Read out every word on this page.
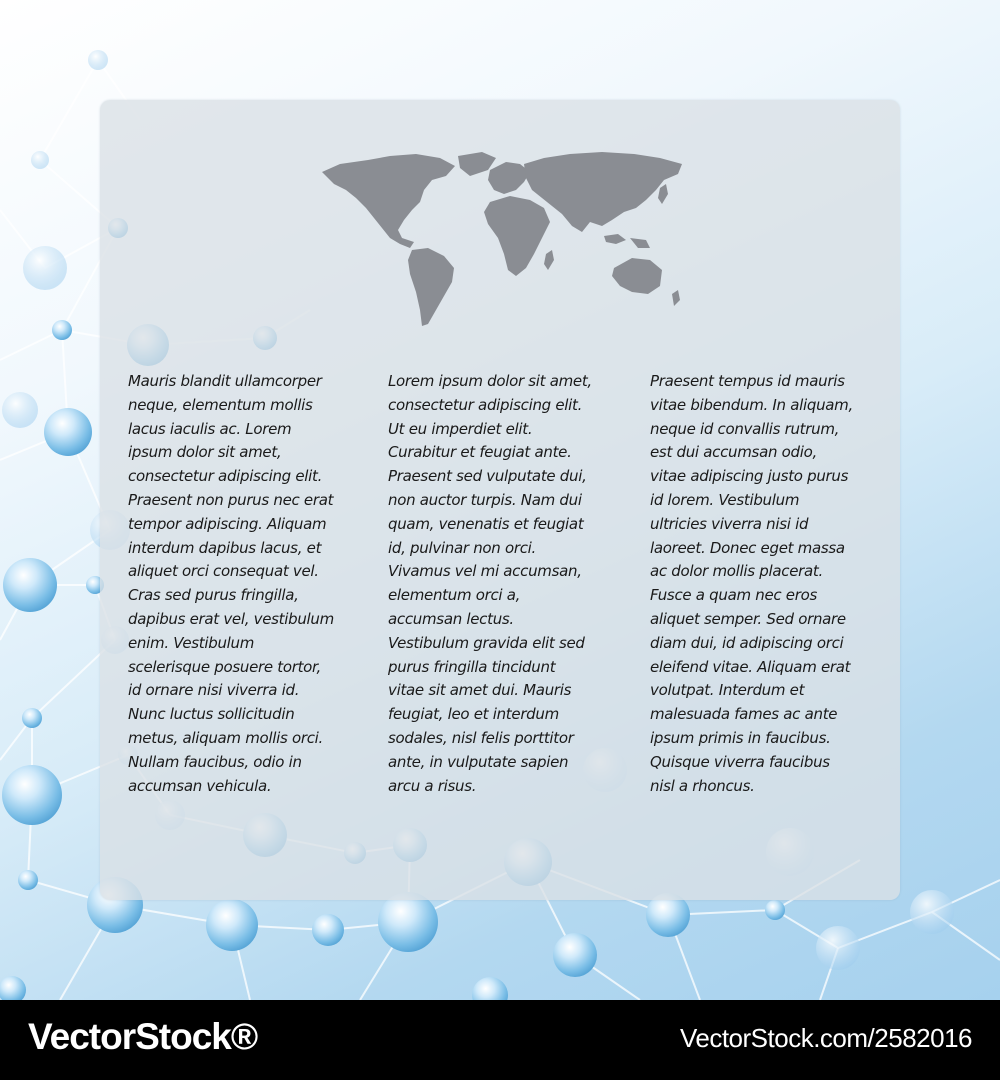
Mauris blandit ullamcorper
neque, elementum mollis
lacus iaculis ac. Lorem
ipsum dolor sit amet,
consectetur adipiscing elit.
Praesent non purus nec erat
tempor adipiscing. Aliquam
interdum dapibus lacus, et
aliquet orci consequat vel.
Cras sed purus fringilla,
dapibus erat vel, vestibulum
enim. Vestibulum
scelerisque posuere tortor,
id ornare nisi viverra id.
Nunc luctus sollicitudin
metus, aliquam mollis orci.
Nullam faucibus, odio in
accumsan vehicula.
Lorem ipsum dolor sit amet,
consectetur adipiscing elit.
Ut eu imperdiet elit.
Curabitur et feugiat ante.
Praesent sed vulputate dui,
non auctor turpis. Nam dui
quam, venenatis et feugiat
id, pulvinar non orci.
Vivamus vel mi accumsan,
elementum orci a,
accumsan lectus.
Vestibulum gravida elit sed
purus fringilla tincidunt
vitae sit amet dui. Mauris
feugiat, leo et interdum
sodales, nisl felis porttitor
ante, in vulputate sapien
arcu a risus.
Praesent tempus id mauris
vitae bibendum. In aliquam,
neque id convallis rutrum,
est dui accumsan odio,
vitae adipiscing justo purus
id lorem. Vestibulum
ultricies viverra nisi id
laoreet. Donec eget massa
ac dolor mollis placerat.
Fusce a quam nec eros
aliquet semper. Sed ornare
diam dui, id adipiscing orci
eleifend vitae. Aliquam erat
volutpat. Interdum et
malesuada fames ac ante
ipsum primis in faucibus.
Quisque viverra faucibus
nisl a rhoncus.
VectorStock®	VectorStock.com/2582016
